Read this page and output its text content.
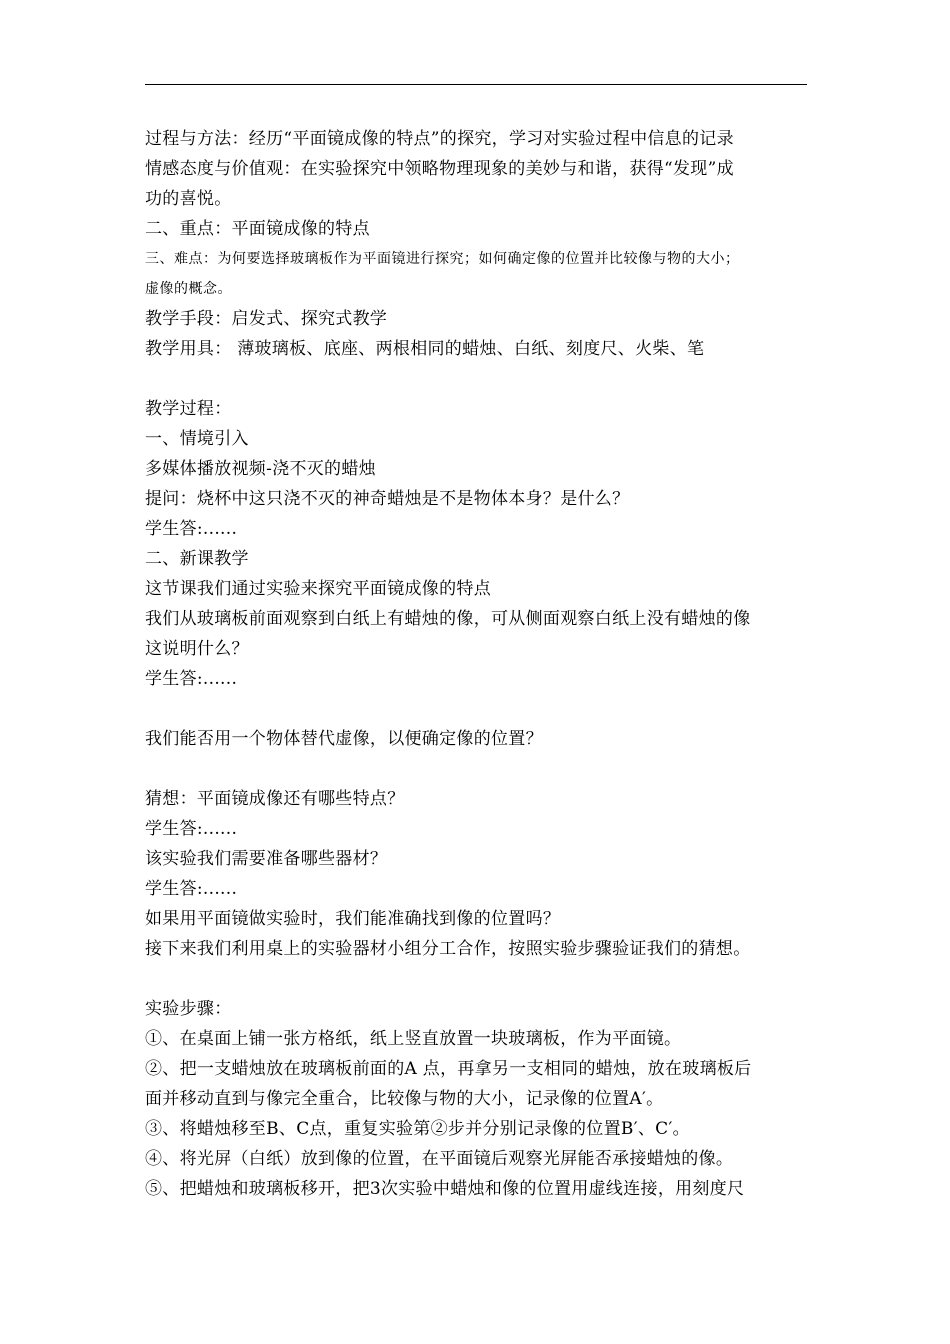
过程与方法：经历“平面镜成像的特点”的探究，学习对实验过程中信息的记录
情感态度与价值观：在实验探究中领略物理现象的美妙与和谐，获得“发现”成
功的喜悦。
二、重点：平面镜成像的特点
三、难点：为何要选择玻璃板作为平面镜进行探究；如何确定像的位置并比较像与物的大小；
虚像的概念。
教学手段：启发式、探究式教学
教学用具： 薄玻璃板、底座、两根相同的蜡烛、白纸、刻度尺、火柴、笔
教学过程：
一、情境引入
多媒体播放视频-浇不灭的蜡烛
提问：烧杯中这只浇不灭的神奇蜡烛是不是物体本身？是什么？
学生答:......
二、新课教学
这节课我们通过实验来探究平面镜成像的特点
我们从玻璃板前面观察到白纸上有蜡烛的像，可从侧面观察白纸上没有蜡烛的像
这说明什么？
学生答:......
我们能否用一个物体替代虚像，以便确定像的位置？
猜想：平面镜成像还有哪些特点？
学生答:......
该实验我们需要准备哪些器材？
学生答:......
如果用平面镜做实验时，我们能准确找到像的位置吗？
接下来我们利用桌上的实验器材小组分工合作，按照实验步骤验证我们的猜想。
实验步骤：
①、在桌面上铺一张方格纸，纸上竖直放置一块玻璃板，作为平面镜。
②、把一支蜡烛放在玻璃板前面的A 点，再拿另一支相同的蜡烛，放在玻璃板后
面并移动直到与像完全重合，比较像与物的大小，记录像的位置A′。
③、将蜡烛移至B、C点，重复实验第②步并分别记录像的位置B′、C′。
④、将光屏（白纸）放到像的位置，在平面镜后观察光屏能否承接蜡烛的像。
⑤、把蜡烛和玻璃板移开，把3次实验中蜡烛和像的位置用虚线连接，用刻度尺
